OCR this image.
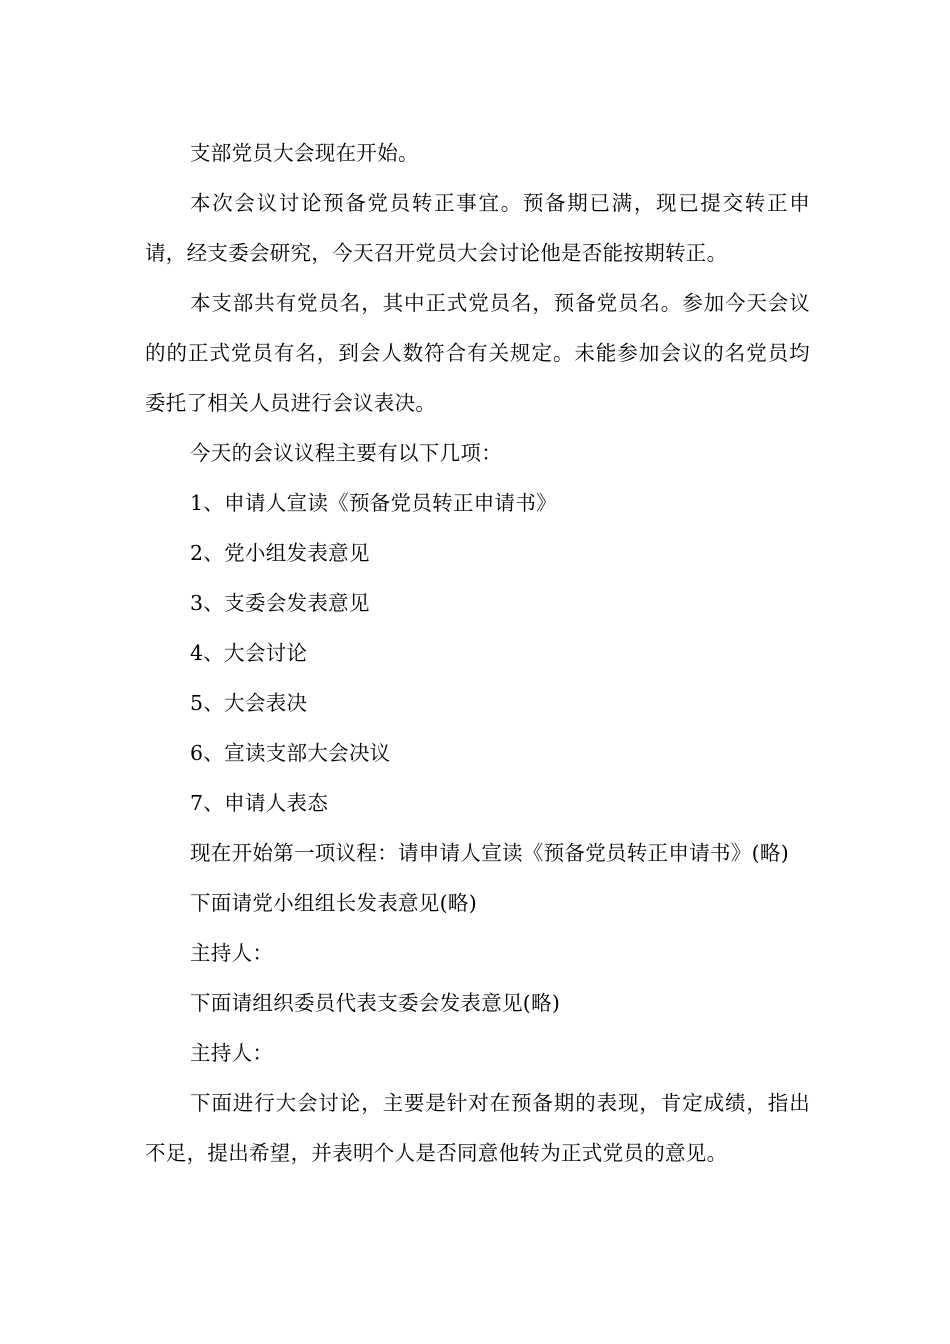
支部党员大会现在开始。

本次会议讨论预备党员转正事宜。预备期已满，现已提交转正申请，经支委会研究，今天召开党员大会讨论他是否能按期转正。

本支部共有党员名，其中正式党员名，预备党员名。参加今天会议的的正式党员有名，到会人数符合有关规定。未能参加会议的名党员均委托了相关人员进行会议表决。

今天的会议议程主要有以下几项：

1、申请人宣读《预备党员转正申请书》

2、党小组发表意见

3、支委会发表意见

4、大会讨论

5、大会表决

6、宣读支部大会决议

7、申请人表态

现在开始第一项议程：请申请人宣读《预备党员转正申请书》(略)

下面请党小组组长发表意见(略)

主持人：

下面请组织委员代表支委会发表意见(略)

主持人：

下面进行大会讨论，主要是针对在预备期的表现，肯定成绩，指出不足，提出希望，并表明个人是否同意他转为正式党员的意见。
